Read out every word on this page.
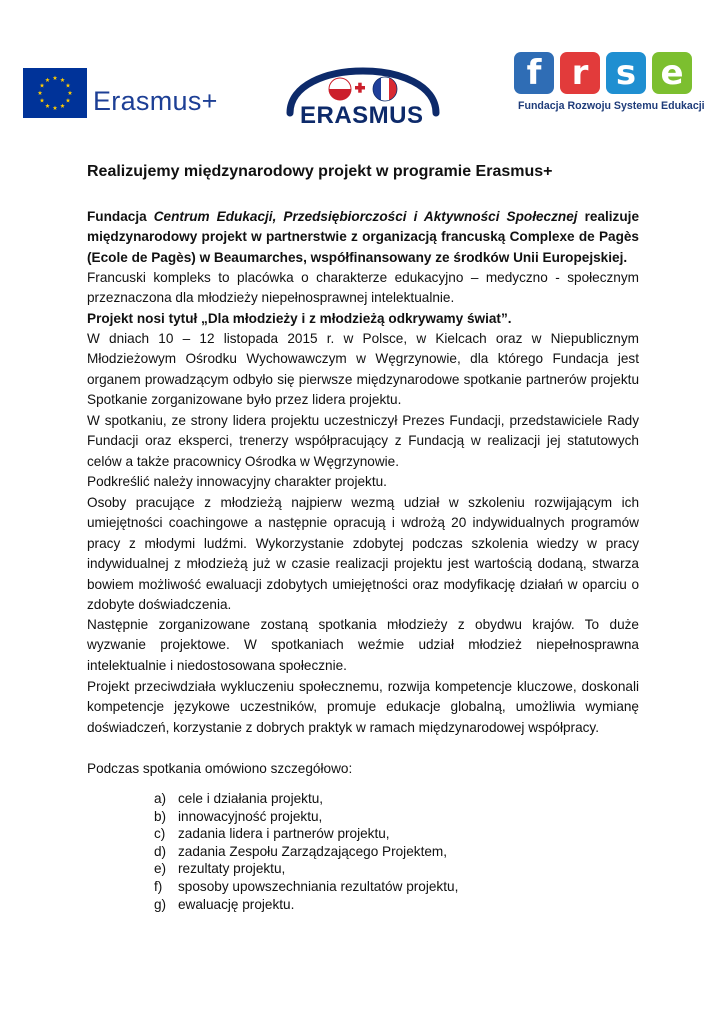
Erasmus+	ERASMUS
f r s e
Fundacja Rozwoju Systemu Edukacji
Realizujemy międzynarodowy projekt w programie Erasmus+
Fundacja Centrum Edukacji, Przedsiębiorczości i Aktywności Społecznej realizuje międzynarodowy projekt w partnerstwie z organizacją francuską Complexe de Pagès (Ecole de Pagès) w Beaumarches, współfinansowany ze środków Unii Europejskiej.
Francuski kompleks to placówka o charakterze edukacyjno – medyczno - społecznym przeznaczona dla młodzieży niepełnosprawnej intelektualnie.
Projekt nosi tytuł „Dla młodzieży i z młodzieżą odkrywamy świat”.
W dniach 10 – 12 listopada 2015 r. w Polsce, w Kielcach oraz w Niepublicznym Młodzieżowym Ośrodku Wychowawczym w Węgrzynowie, dla którego Fundacja jest organem prowadzącym odbyło się pierwsze międzynarodowe spotkanie partnerów projektu Spotkanie zorganizowane było przez lidera projektu.
W spotkaniu, ze strony lidera projektu uczestniczył Prezes Fundacji, przedstawiciele Rady Fundacji oraz eksperci, trenerzy współpracujący z Fundacją w realizacji jej statutowych celów a także pracownicy Ośrodka w Węgrzynowie.
Podkreślić należy innowacyjny charakter projektu.
Osoby pracujące z młodzieżą najpierw wezmą udział w szkoleniu rozwijającym ich umiejętności coachingowe a następnie opracują i wdrożą 20 indywidualnych programów pracy z młodymi ludźmi. Wykorzystanie zdobytej podczas szkolenia wiedzy w pracy indywidualnej z młodzieżą już w czasie realizacji projektu jest wartością dodaną, stwarza bowiem możliwość ewaluacji zdobytych umiejętności oraz modyfikację działań w oparciu o zdobyte doświadczenia.
Następnie zorganizowane zostaną spotkania młodzieży z obydwu krajów. To duże wyzwanie projektowe. W spotkaniach weźmie udział młodzież niepełnosprawna intelektualnie i niedostosowana społecznie.
Projekt przeciwdziała wykluczeniu społecznemu, rozwija kompetencje kluczowe, doskonali kompetencje językowe uczestników, promuje edukacje globalną, umożliwia wymianę doświadczeń, korzystanie z dobrych praktyk w ramach międzynarodowej współpracy.
Podczas spotkania omówiono szczegółowo:
a) cele i działania projektu,
b) innowacyjność projektu,
c) zadania lidera i partnerów projektu,
d) zadania Zespołu Zarządzającego Projektem,
e) rezultaty projektu,
f) sposoby upowszechniania rezultatów projektu,
g) ewaluację projektu.
